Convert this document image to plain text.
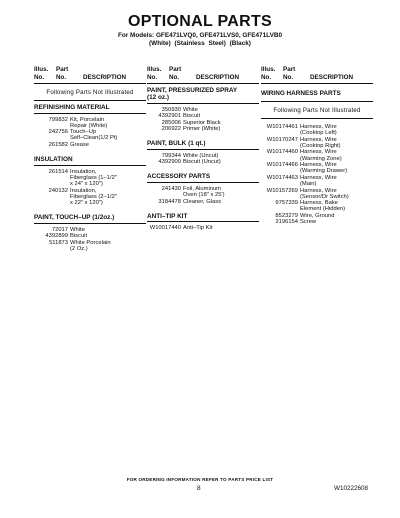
OPTIONAL PARTS
For Models: GFE471LVQ0, GFE471LVS0, GFE471LVB0
(White) (Stainless Steel) (Black)
Illus.
No.
Part
No.	DESCRIPTION
Following Parts Not Illustrated
REFINISHING MATERIAL
799832 Kit, Porcelain
Repair (White)
242756 Touch–Up
Self–Clean(1/2 Pt)
261582 Grease
INSULATION
261514 Insulation,
Fiberglass (1–1/2"
x 24" x 120")
240132 Insulation,
Fiberglass (2–1/2"
x 22" x 120")
PAINT, TOUCH–UP (1/2oz.)
72017 White
4392899 Biscuit
511873 White Porcelain
(2 Oz.)
Illus.
No.
Part
No.	DESCRIPTION
PAINT, PRESSURIZED SPRAY
(12 oz.)
350930 White
4392901 Biscuit
285006 Superior Black
206922 Primer (White)
PAINT, BULK (1 qt.)
799344 White (Uncut)
4392900 Biscuit (Uncut)
ACCESSORY PARTS
241430 Foil, Aluminum
Oven (18" x 25')
3184478 Cleaner, Glass
ANTI–TIP KIT
W10017440 Anti–Tip Kit
Illus.
No.
Part
No.	DESCRIPTION
WIRING HARNESS PARTS
Following Parts Not Illustrated
W10174461 Harness, Wire
(Cooktop Left)
W10170247 Harness, Wire
(Cooktop Right)
W10174460 Harness, Wire
(Warming Zone)
W10174466 Harness, Wire
(Warming Drawer)
W10174463 Harness, Wire
(Main)
W10157269 Harness, Wire
(Sensor/Dr Switch)
9757339 Harness, Bake
Element (Hidden)
8523279 Wire, Ground
3196154 Screw
FOR ORDERING INFORMATION REFER TO PARTS PRICE LIST
8	W10222608
